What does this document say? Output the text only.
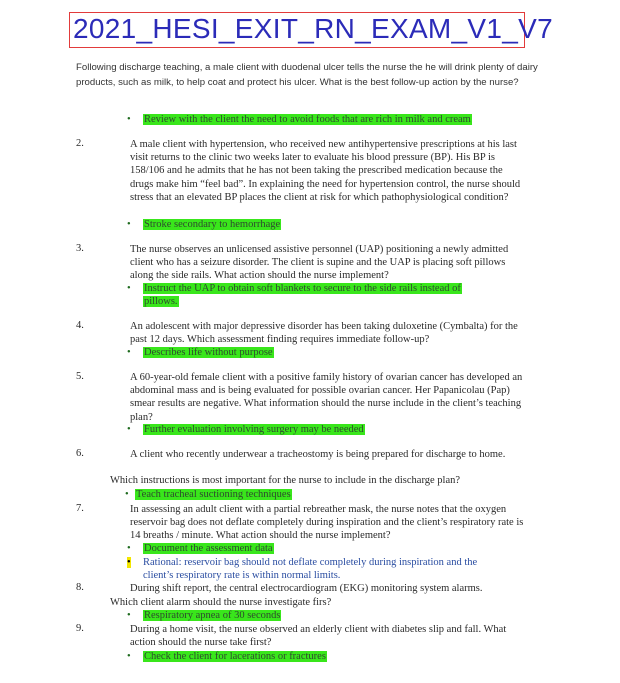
2021_HESI_EXIT_RN_EXAM_V1_V7
Following discharge teaching, a male client with duodenal ulcer tells the nurse the he will drink plenty of dairy products, such as milk, to help coat and protect his ulcer. What is the best follow-up action by the nurse?
• Review with the client the need to avoid foods that are rich in milk and cream
2.	A male client with hypertension, who received new antihypertensive prescriptions at his last visit returns to the clinic two weeks later to evaluate his blood pressure (BP). His BP is 158/106 and he admits that he has not been taking the prescribed medication because the drugs make him “feel bad”. In explaining the need for hypertension control, the nurse should stress that an elevated BP places the client at risk for which pathophysiological condition?
• Stroke secondary to hemorrhage
3.	The nurse observes an unlicensed assistive personnel (UAP) positioning a newly admitted client who has a seizure disorder. The client is supine and the UAP is placing soft pillows along the side rails. What action should the nurse implement?
• Instruct the UAP to obtain soft blankets to secure to the side rails instead of
pillows.
4.	An adolescent with major depressive disorder has been taking duloxetine (Cymbalta) for the past 12 days. Which assessment finding requires immediate follow-up?
• Describes life without purpose
5.	A 60-year-old female client with a positive family history of ovarian cancer has developed an abdominal mass and is being evaluated for possible ovarian cancer. Her Papanicolau (Pap) smear results are negative. What information should the nurse include in the client’s teaching plan?
• Further evaluation involving surgery may be needed
6.	A client who recently underwear a tracheostomy is being prepared for discharge to home.
Which instructions is most important for the nurse to include in the discharge plan?
• Teach tracheal suctioning techniques
7.	In assessing an adult client with a partial rebreather mask, the nurse notes that the oxygen reservoir bag does not deflate completely during inspiration and the client’s respiratory rate is 14 breaths / minute. What action should the nurse implement?
• Document the assessment data
• Rational: reservoir bag should not deflate completely during inspiration and the
client’s respiratory rate is within normal limits.
8.	During shift report, the central electrocardiogram (EKG) monitoring system alarms.
Which client alarm should the nurse investigate firs?
• Respiratory apnea of 30 seconds
9.	During a home visit, the nurse observed an elderly client with diabetes slip and fall. What action should the nurse take first?
• Check the client for lacerations or fractures
